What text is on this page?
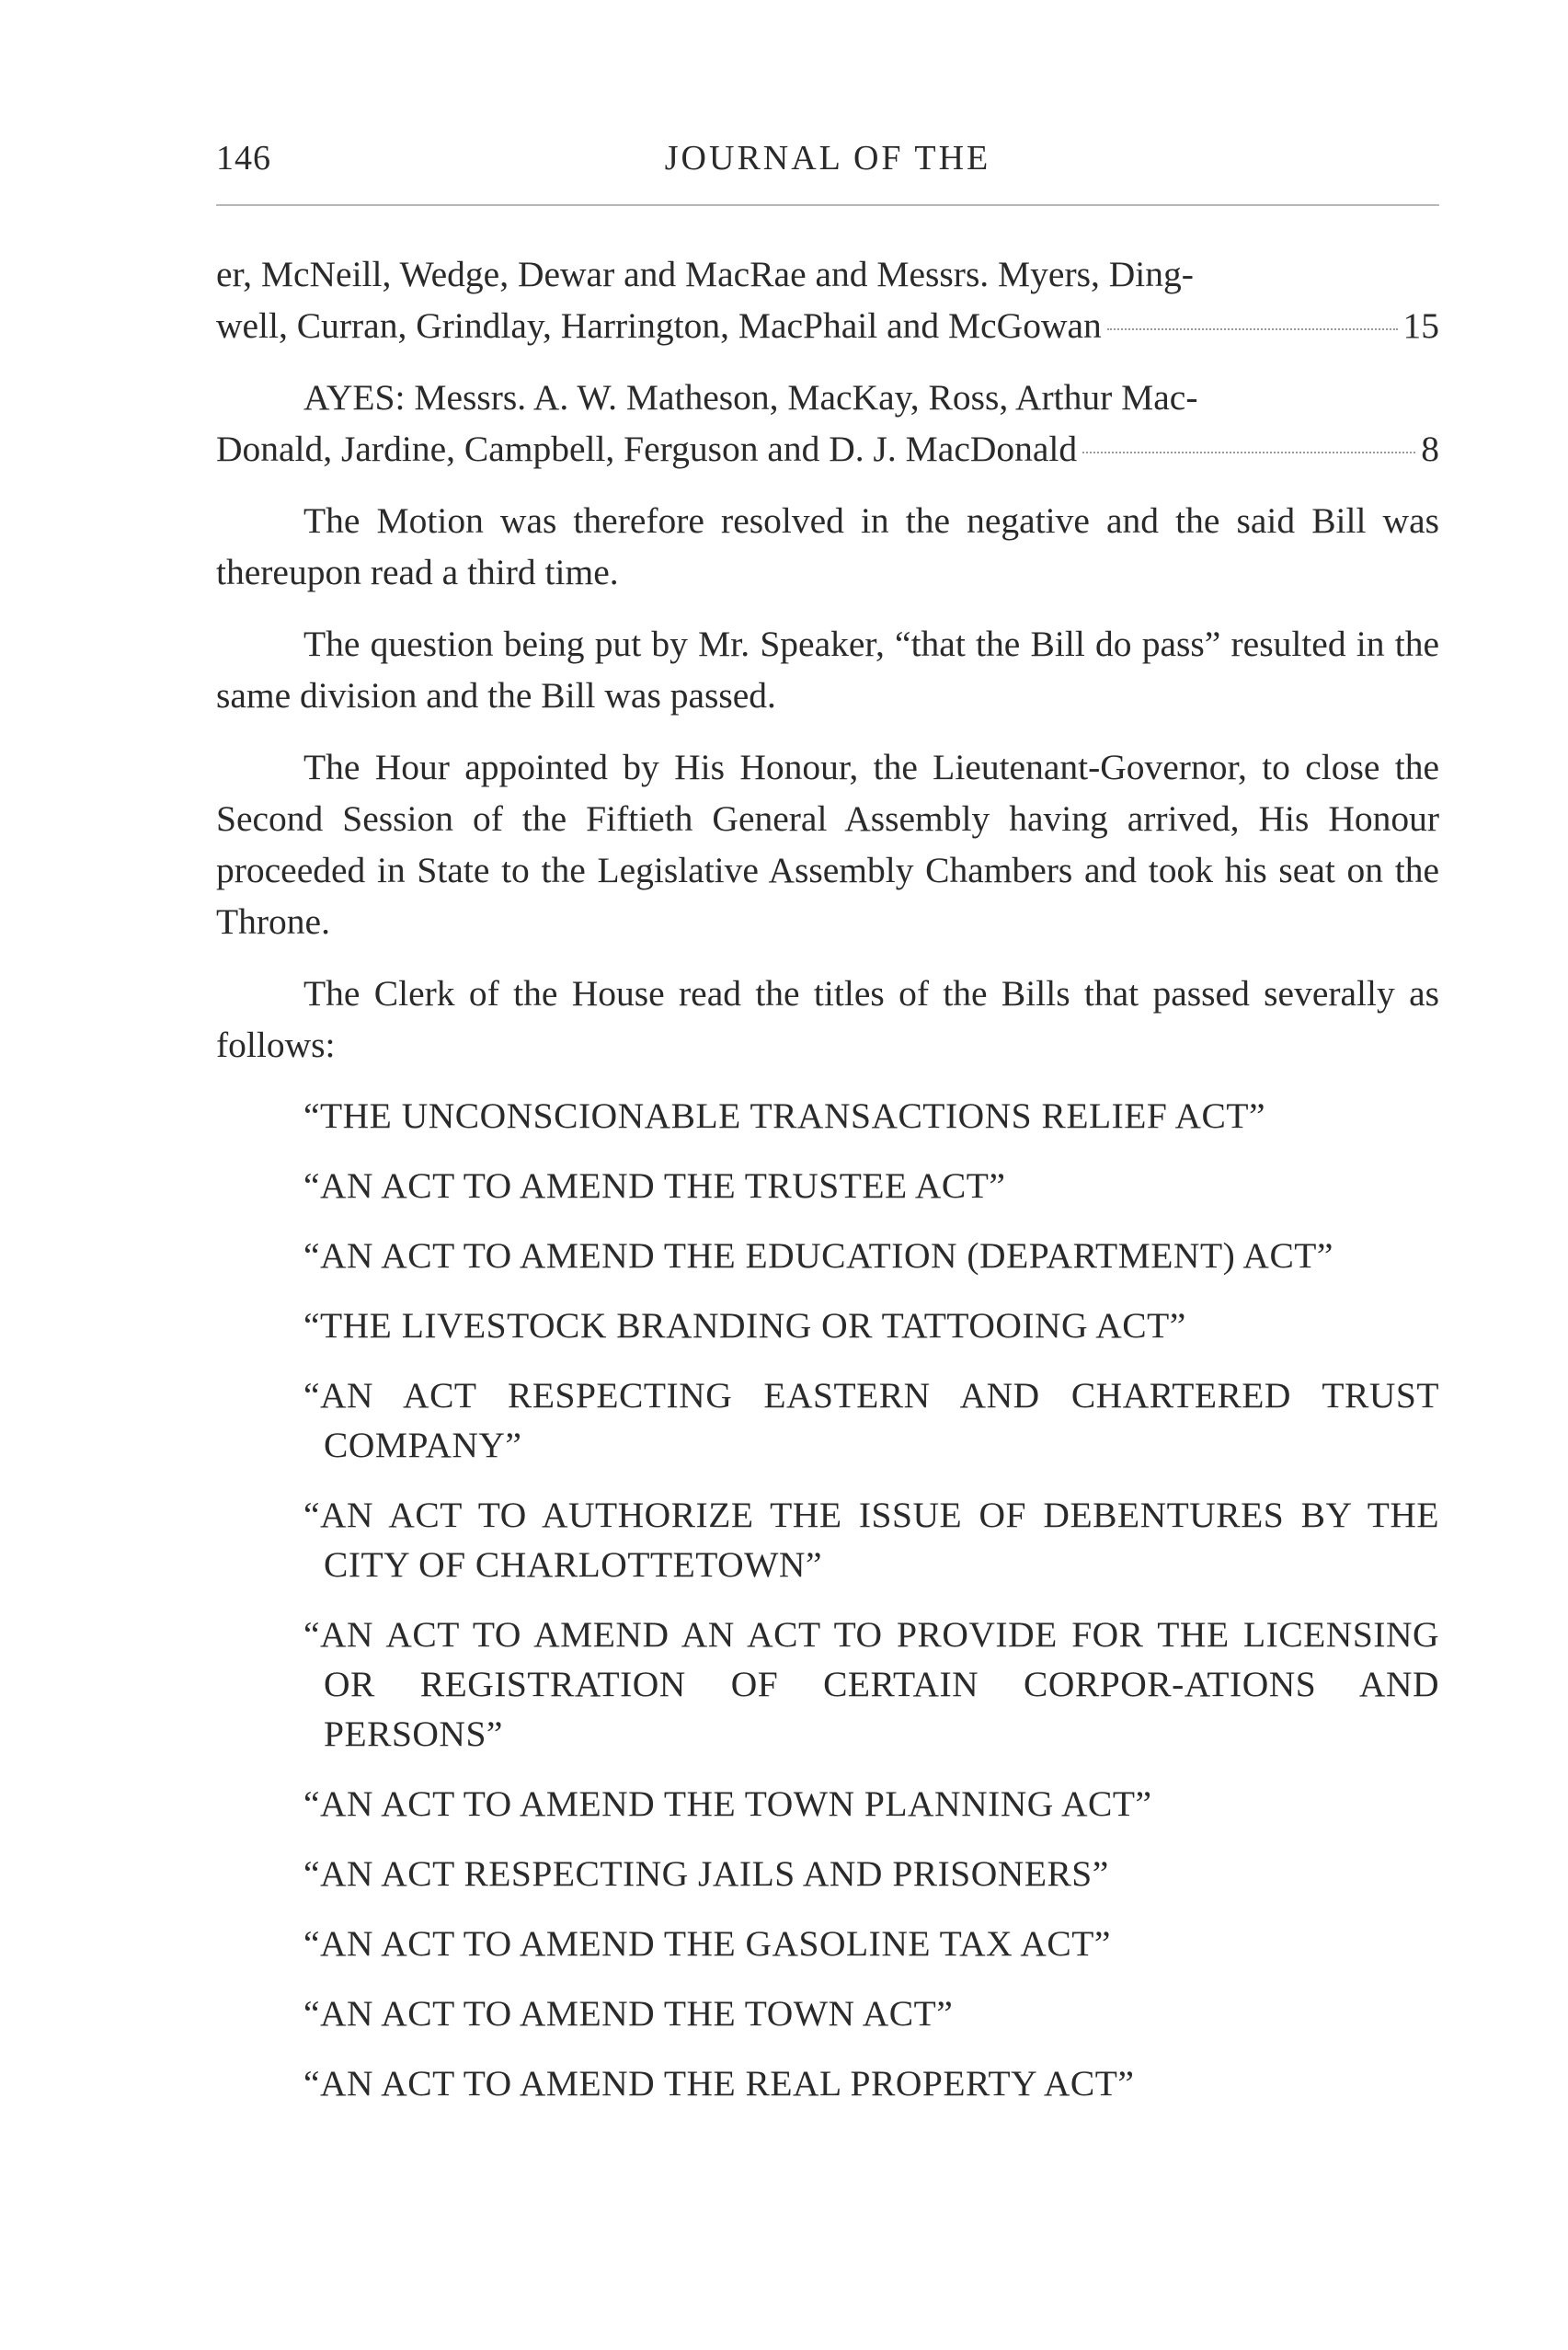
146	JOURNAL OF THE
er, McNeill, Wedge, Dewar and MacRae and Messrs. Myers, Ding-
well, Curran, Grindlay, Harrington, MacPhail and McGowan	15
AYES: Messrs. A. W. Matheson, MacKay, Ross, Arthur Mac-
Donald, Jardine, Campbell, Ferguson and D. J. MacDonald	8

The Motion was therefore resolved in the negative and the said Bill was thereupon read a third time.

The question being put by Mr. Speaker, “that the Bill do pass” resulted in the same division and the Bill was passed.

The Hour appointed by His Honour, the Lieutenant-Governor, to close the Second Session of the Fiftieth General Assembly having arrived, His Honour proceeded in State to the Legislative Assembly Chambers and took his seat on the Throne.

The Clerk of the House read the titles of the Bills that passed severally as follows:

“THE UNCONSCIONABLE TRANSACTIONS RELIEF ACT”
“AN ACT TO AMEND THE TRUSTEE ACT”
“AN ACT TO AMEND THE EDUCATION (DEPARTMENT) ACT”
“THE LIVESTOCK BRANDING OR TATTOOING ACT”
“AN ACT RESPECTING EASTERN AND CHARTERED TRUST COMPANY”
“AN ACT TO AUTHORIZE THE ISSUE OF DEBENTURES BY THE CITY OF CHARLOTTETOWN”
“AN ACT TO AMEND AN ACT TO PROVIDE FOR THE LICENSING OR REGISTRATION OF CERTAIN CORPOR-ATIONS AND PERSONS”
“AN ACT TO AMEND THE TOWN PLANNING ACT”
“AN ACT RESPECTING JAILS AND PRISONERS”
“AN ACT TO AMEND THE GASOLINE TAX ACT”
“AN ACT TO AMEND THE TOWN ACT”
“AN ACT TO AMEND THE REAL PROPERTY ACT”
